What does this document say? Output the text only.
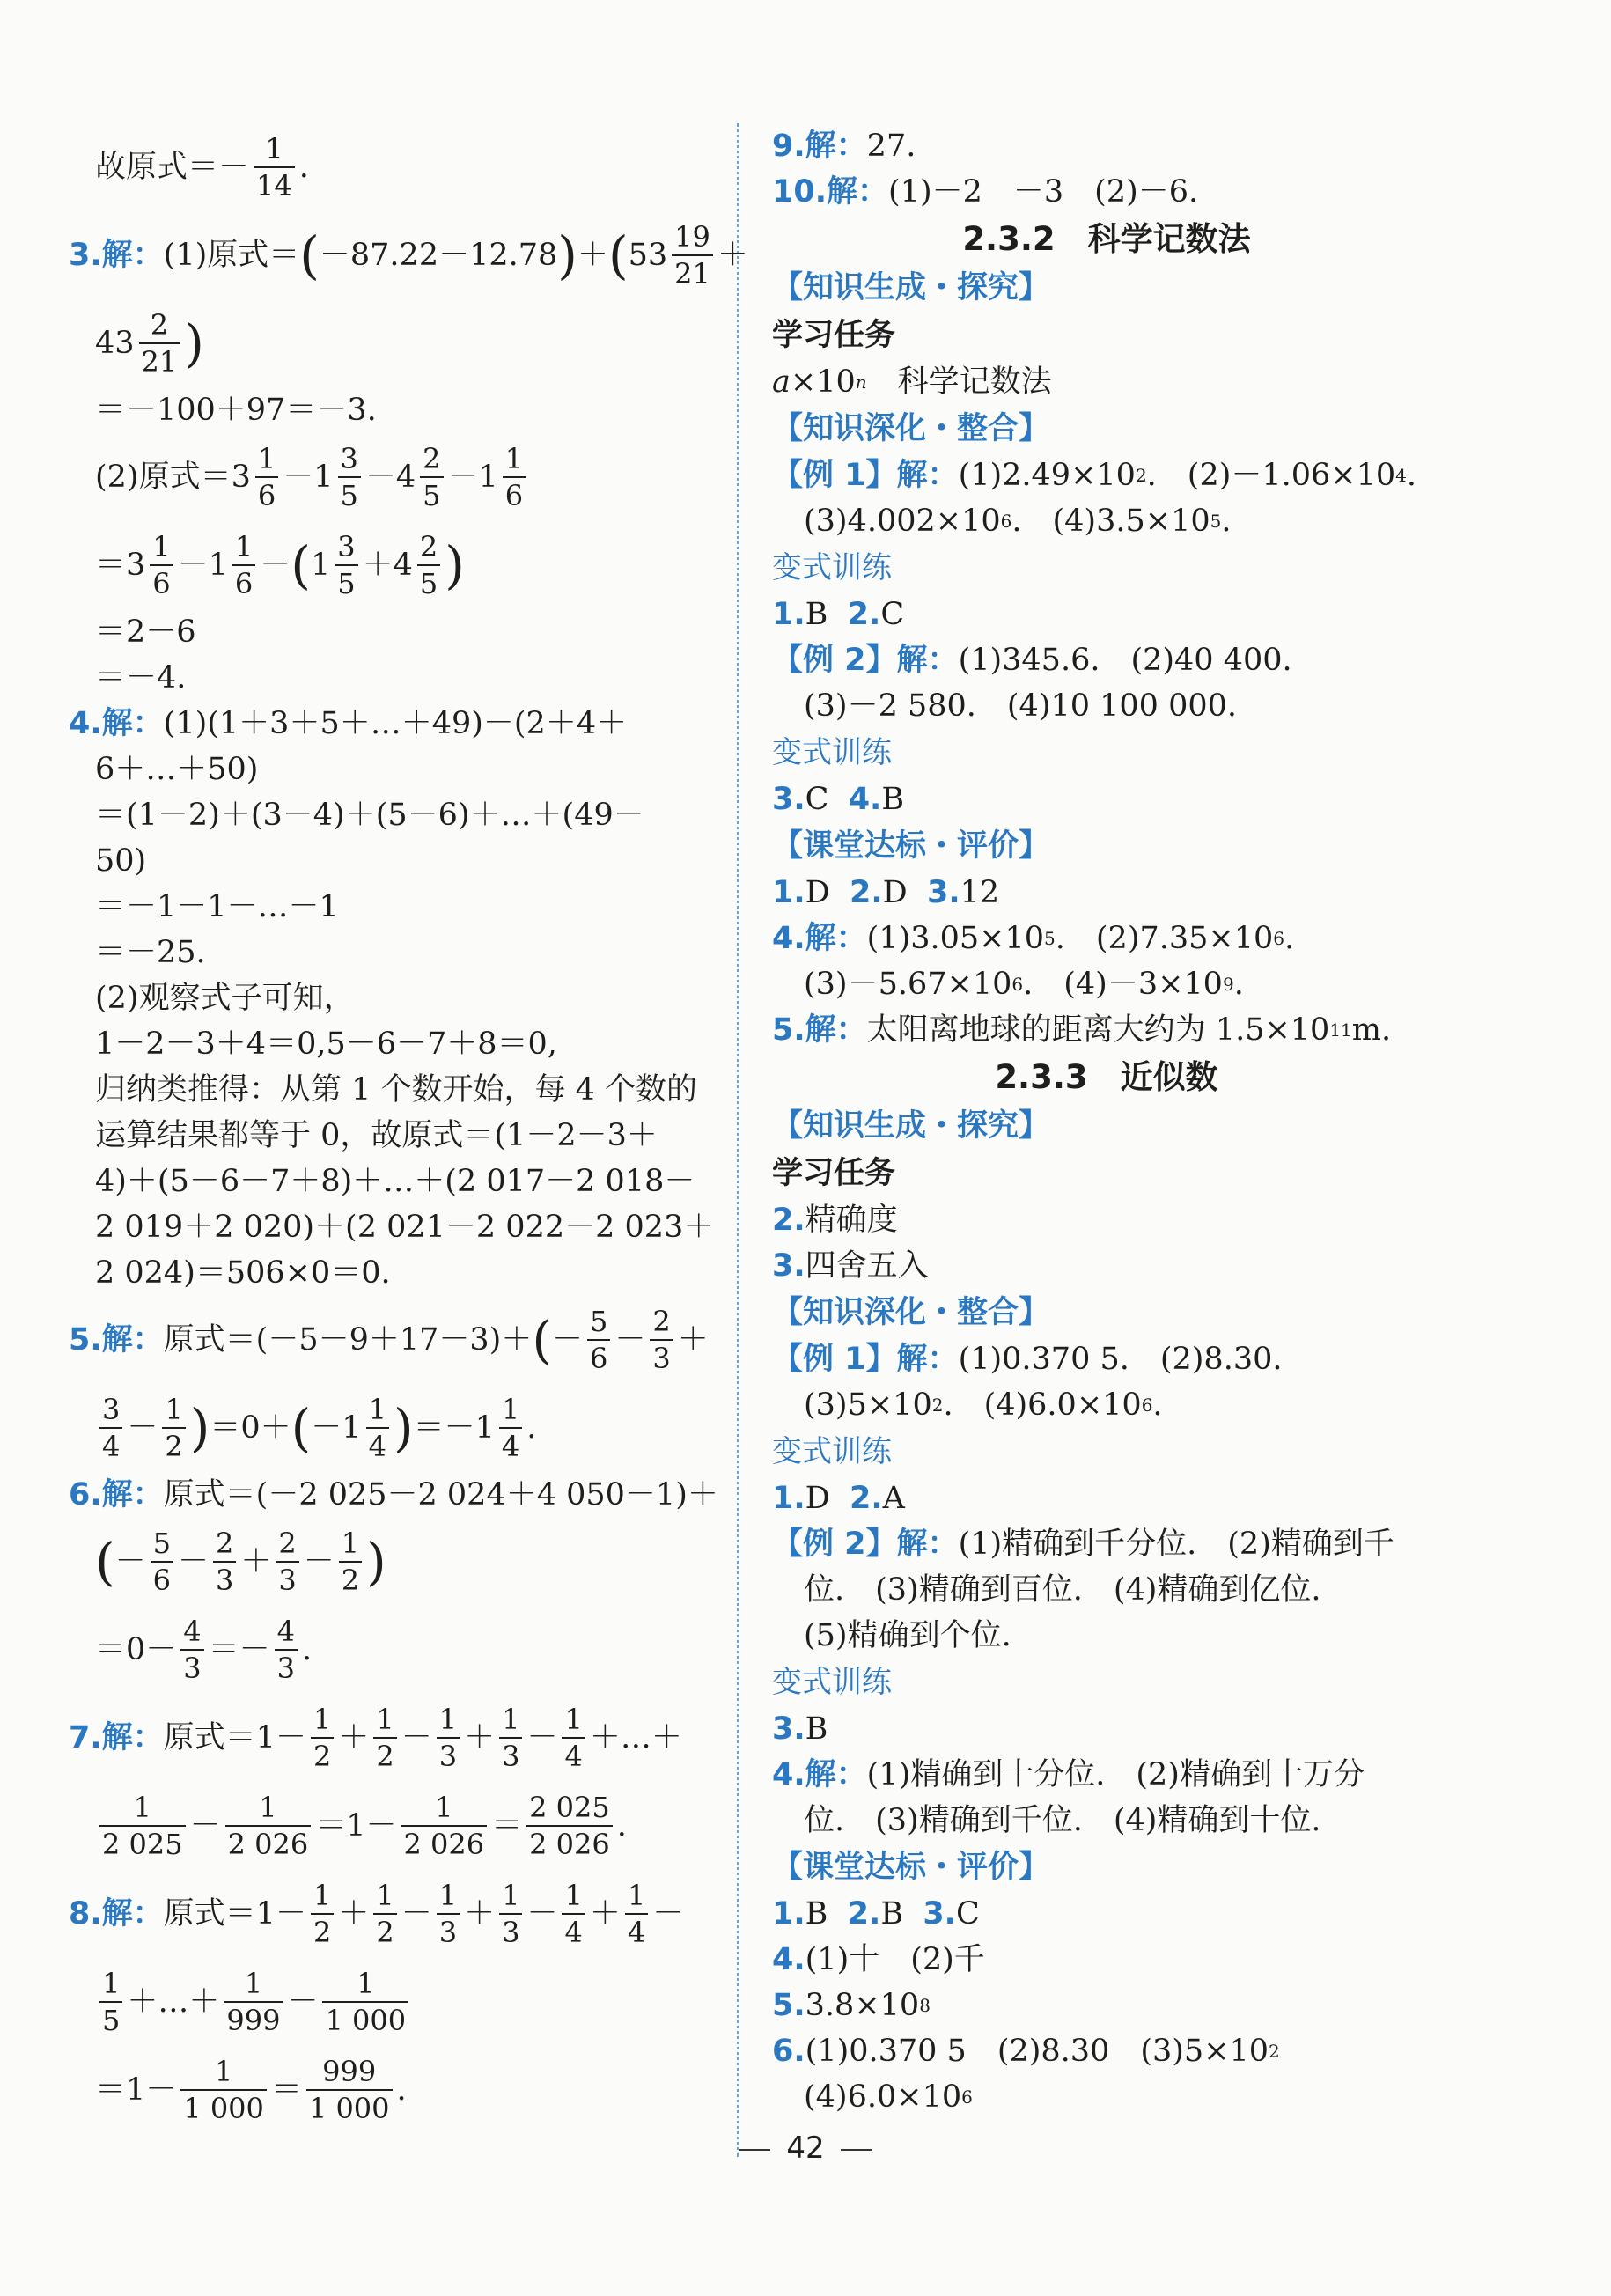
故原式＝－ $\frac{1}{14}$ .
3. 解： (1)原式＝ ( －87.22－12.78 ) ＋ ( $53 \frac{19}{21}$ ＋
$43 \frac{2}{21}$ )
＝－100＋97＝－3.
(2)原式$=3 \frac{1}{6} -1 \frac{3}{5} -4 \frac{2}{5} -1 \frac{1}{6}$
$=3 \frac{1}{6} -1 \frac{1}{6}$ － ( $1 \frac{3}{5} +4 \frac{2}{5}$ )
＝2－6
＝－4.
4. 解： (1)(1＋3＋5＋…＋49)－(2＋4＋
6＋…＋50)
＝(1－2)＋(3－4)＋(5－6)＋…＋(49－
50)
＝－1－1－…－1
＝－25.
(2)观察式子可知，
1－2－3＋4＝0,5－6－7＋8＝0,
归纳类推得：从第 1 个数开始，每 4 个数的
运算结果都等于 0，故原式＝(1－2－3＋
4)＋(5－6－7＋8)＋…＋(2 017－2 018－
2 019＋2 020)＋(2 021－2 022－2 023＋
2 024)＝506×0＝0.
5. 解： 原式＝(－5－9＋17－3)＋ ( － $\frac{5}{6} - \frac{2}{3}$ ＋
$\frac{3}{4} - \frac{1}{2}$ ) ＝0＋ ( $-1 \frac{1}{4}$ ) $=-1 \frac{1}{4}$ .
6. 解： 原式＝(－2 025－2 024＋4 050－1)＋
( － $\frac{5}{6} - \frac{2}{3} + \frac{2}{3} - \frac{1}{2}$ )
$=0- \frac{4}{3} =- \frac{4}{3}$ .
7. 解： 原式$=1- \frac{1}{2} + \frac{1}{2} - \frac{1}{3} + \frac{1}{3} - \frac{1}{4}$ ＋…＋
$\frac{1}{2 025} - \frac{1}{2 026} =1- \frac{1}{2 026} = \frac{2 025}{2 026}$ .
8. 解： 原式$=1- \frac{1}{2} + \frac{1}{2} - \frac{1}{3} + \frac{1}{3} - \frac{1}{4} + \frac{1}{4}$ －
$\frac{1}{5}$ ＋…＋ $\frac{1}{999} - \frac{1}{1 000}$
$=1- \frac{1}{1 000} = \frac{999}{1 000}$ .
9. 解： 27.
10. 解： (1)－2　－3　(2)－6.
2.3.2　科学记数法
【知识生成・探究】
学习任务
a ×10 n 　科学记数法
【知识深化・整合】
【例 1】 解： (1)2.49×10 2 .　(2)－1.06×10 4 .
(3)4.002×10 6 .　(4)3.5×10 5 .
变式训练
1. B
2. C
【例 2】 解： (1)345.6.　(2)40 400.
(3)－2 580.　(4)10 100 000.
变式训练
3. C
4. B
【课堂达标・评价】
1. D
2. D
3. 12
4. 解： (1)3.05×10 5 .　(2)7.35×10 6 .
(3)－5.67×10 6 .　(4)－3×10 9 .
5. 解： 太阳离地球的距离大约为 1.5×10 11 m.
2.3.3　近似数
【知识生成・探究】
学习任务
2. 精确度
3. 四舍五入
【知识深化・整合】
【例 1】 解： (1)0.370 5.　(2)8.30.
(3)5×10 2 .　(4)6.0×10 6 .
变式训练
1. D
2. A
【例 2】 解： (1)精确到千分位.　(2)精确到千
位.　(3)精确到百位.　(4)精确到亿位.
(5)精确到个位.
变式训练
3. B
4. 解： (1)精确到十分位.　(2)精确到十万分
位.　(3)精确到千位.　(4)精确到十位.
【课堂达标・评价】
1. B
2. B
3. C
4. (1)十　(2)千
5. 3.8×10 8
6. (1)0.370 5　(2)8.30　(3)5×10 2
(4)6.0×10 6
42
